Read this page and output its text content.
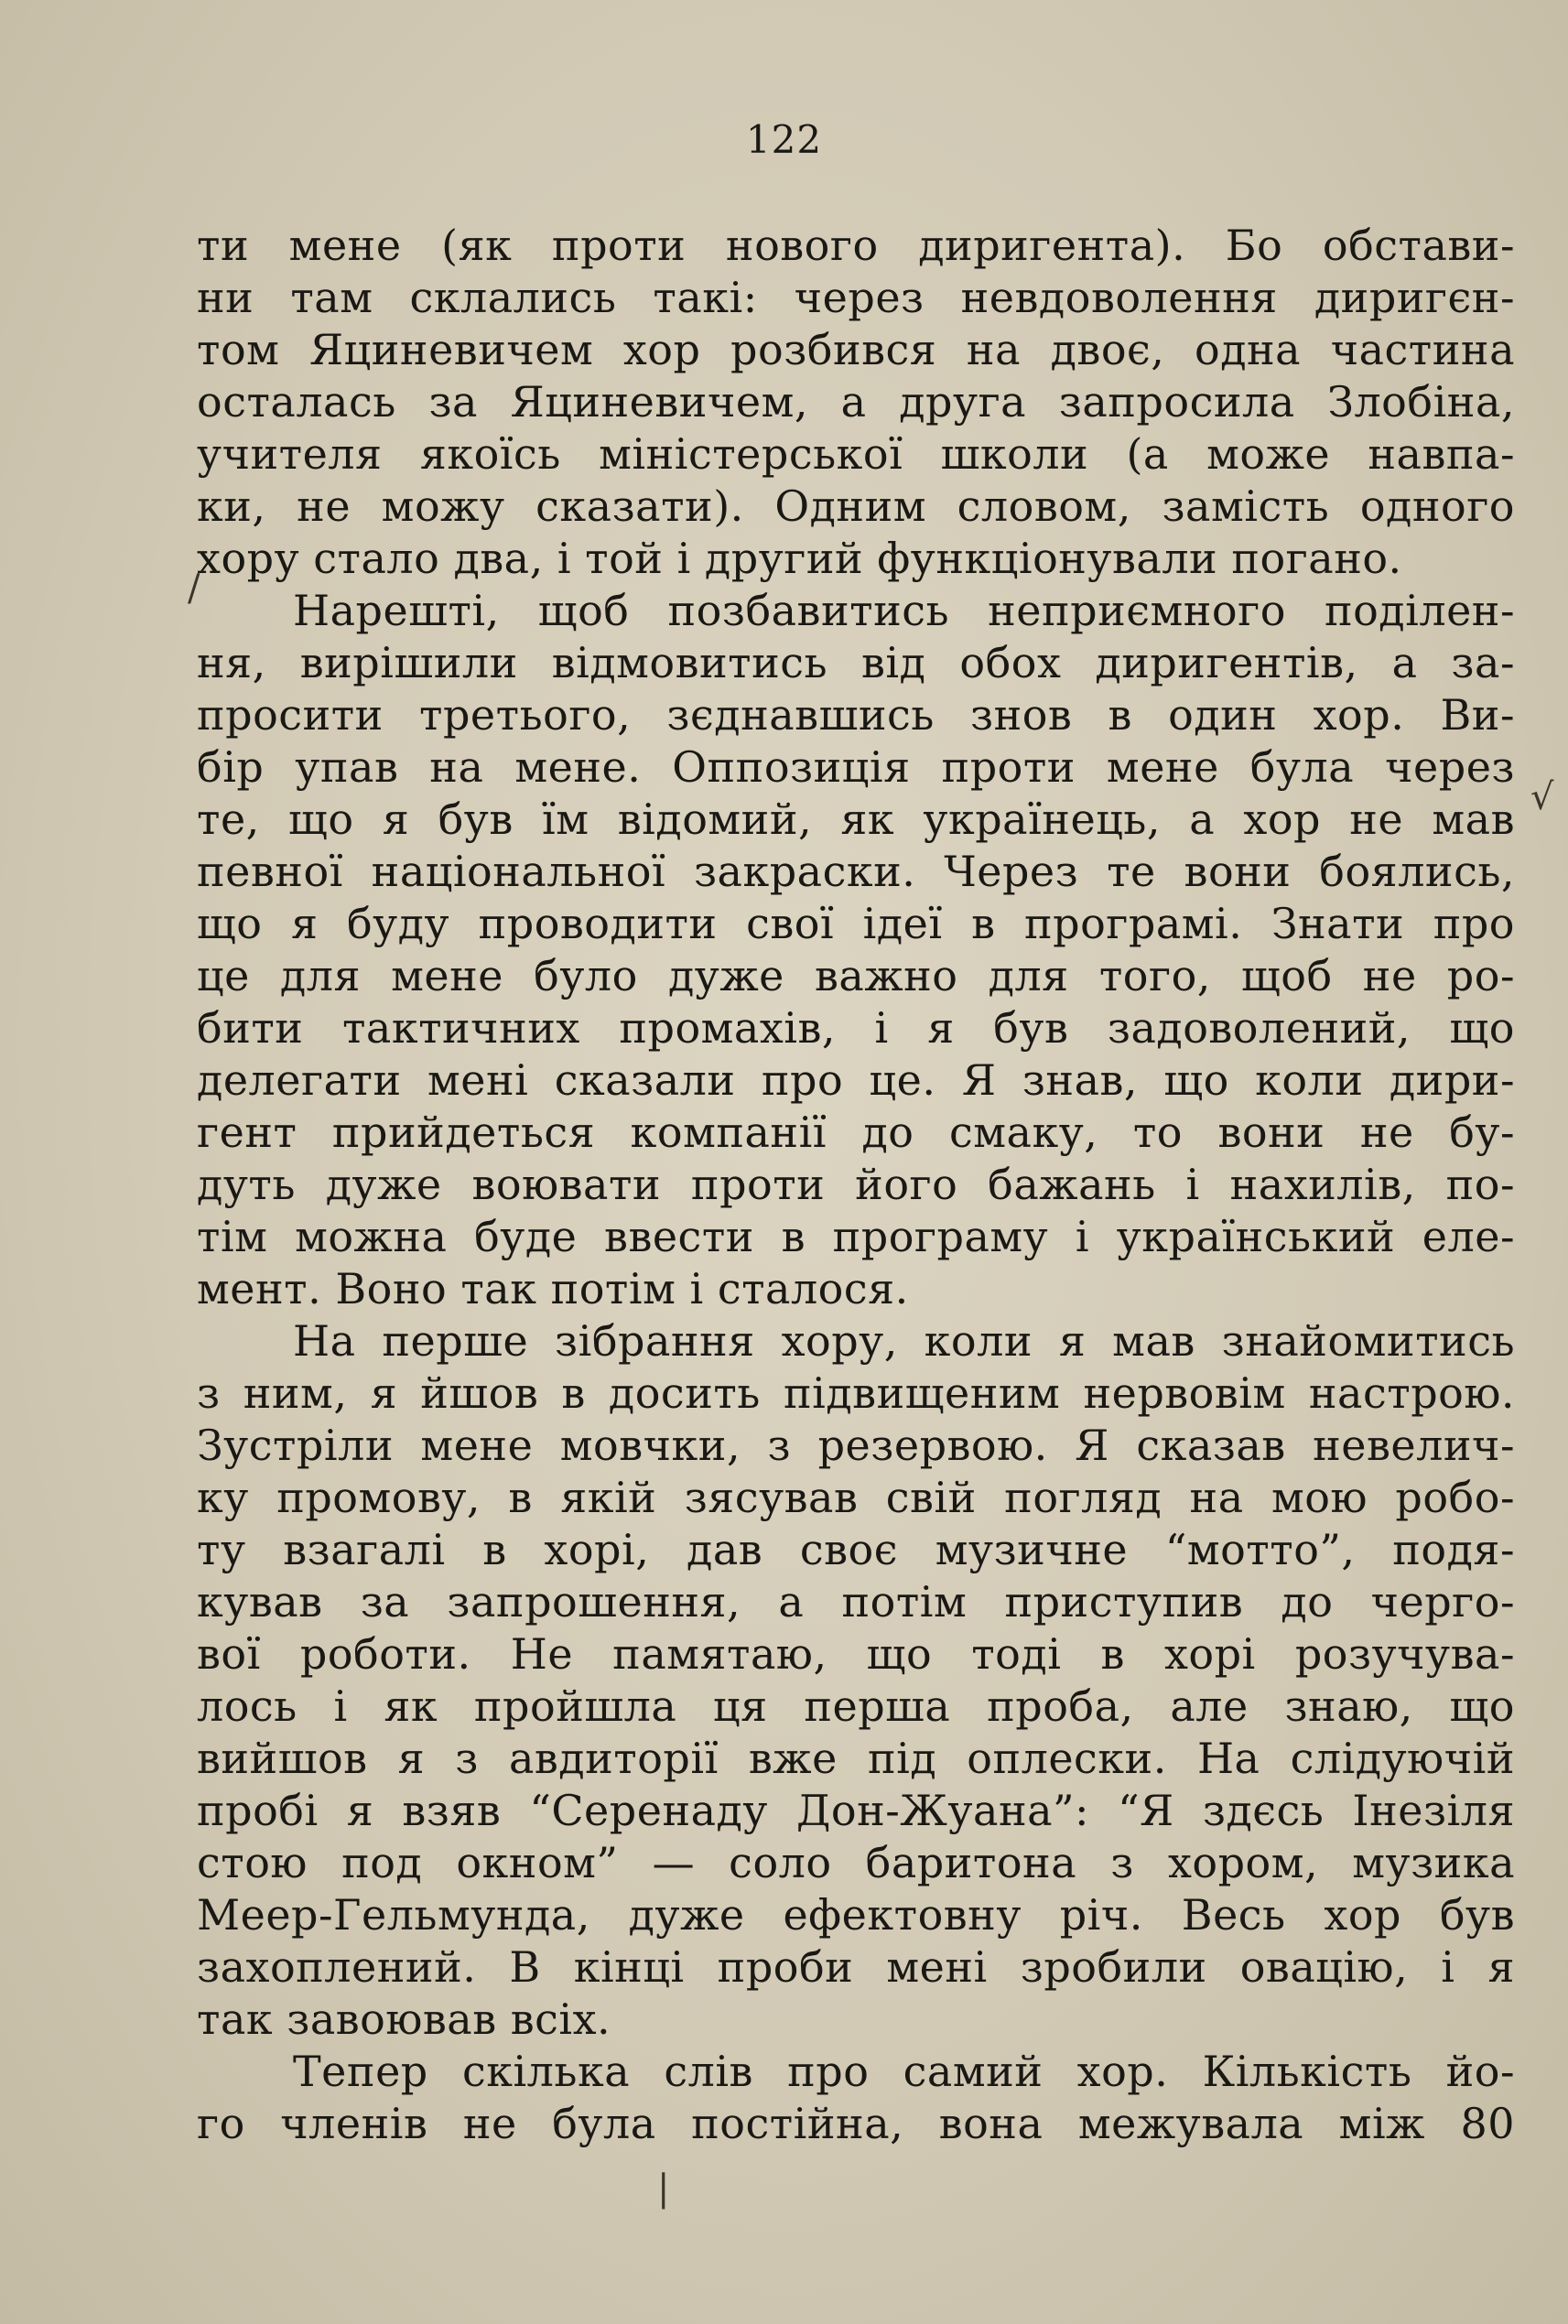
122
ти мене (як проти нового диригента). Бо обстави-
ни там склались такі: через невдоволення диригєн-
том Яциневичем хор розбився на двоє, одна частина
осталась за Яциневичем, а друга запросила Злобіна,
учителя якоїсь міністерської школи (а може навпа-
ки, не можу сказати). Одним словом, замість одного
хору стало два, і той і другий функціонували погано.
Нарешті, щоб позбавитись неприємного поділен-
ня, вирішили відмовитись від обох диригентів, а за-
просити третього, зєднавшись знов в один хор. Ви-
бір упав на мене. Оппозиція проти мене була через
те, що я був їм відомий, як українець, а хор не мав
певної національної закраски. Через те вони боялись,
що я буду проводити свої ідеї в програмі. Знати про
це для мене було дуже важно для того, щоб не ро-
бити тактичних промахів, і я був задоволений, що
делегати мені сказали про це. Я знав, що коли дири-
гент прийдеться компанії до смаку, то вони не бу-
дуть дуже воювати проти його бажань і нахилів, по-
тім можна буде ввести в програму і український еле-
мент. Воно так потім і сталося.
На перше зібрання хору, коли я мав знайомитись
з ним, я йшов в досить підвищеним нервовім настрою.
Зустріли мене мовчки, з резервою. Я сказав невелич-
ку промову, в якій зясував свій погляд на мою робо-
ту взагалі в хорі, дав своє музичне “мотто”, подя-
кував за запрошення, а потім приступив до черго-
вої роботи. Не памятаю, що тоді в хорі розучува-
лось і як пройшла ця перша проба, але знаю, що
вийшов я з авдиторії вже під оплески. На слідуючій
пробі я взяв “Серенаду Дон-Жуана”: “Я здєсь Інезіля
стою под окном” — соло баритона з хором, музика
Меер-Гельмунда, дуже ефектовну річ. Весь хор був
захоплений. В кінці проби мені зробили овацію, і я
так завоював всіх.
Тепер скілька слів про самий хор. Кількість йо-
го членів не була постійна, вона межувала між 80
/
√
|
